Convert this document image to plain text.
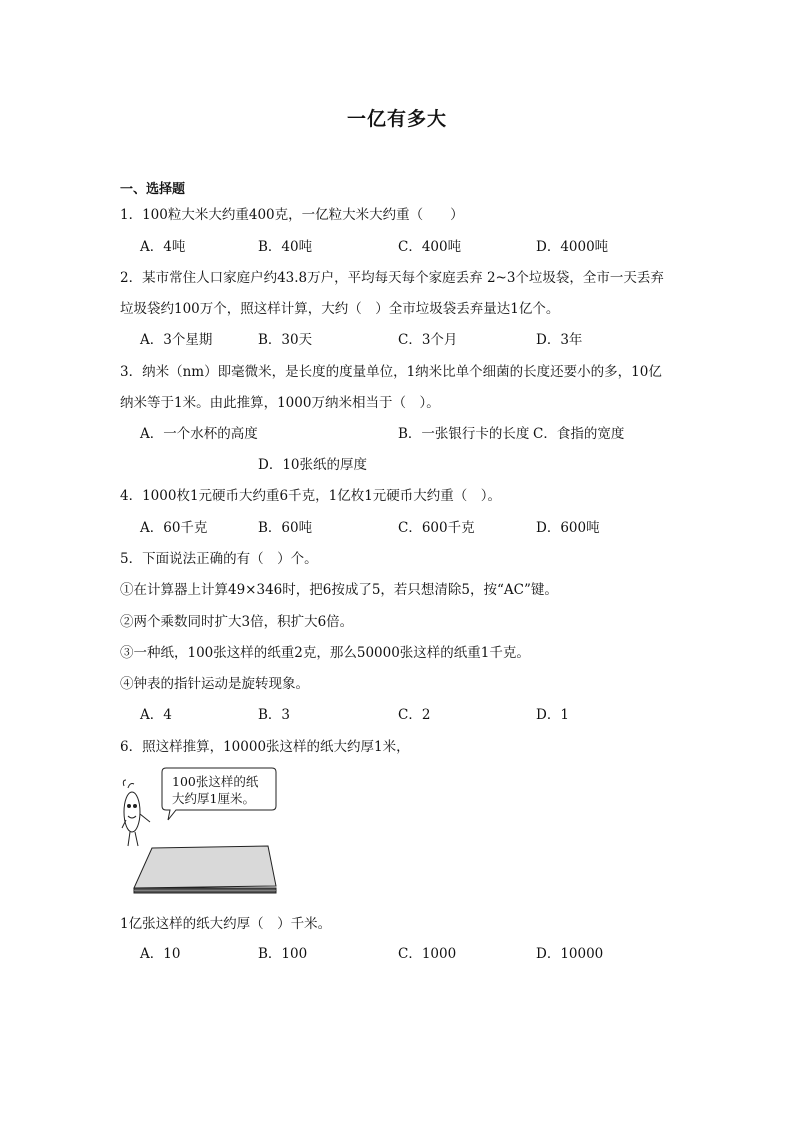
一亿有多大
一、选择题
1．100粒大米大约重400克，一亿粒大米大约重（　　）
A．4吨	B．40吨	C．400吨	D．4000吨
2．某市常住人口家庭户约43.8万户，平均每天每个家庭丢弃 2~3个垃圾袋，全市一天丢弃
垃圾袋约100万个，照这样计算，大约（　）全市垃圾袋丢弃量达1亿个。
A．3个星期	B．30天	C．3个月	D．3年
3．纳米（nm）即毫微米，是长度的度量单位，1纳米比单个细菌的长度还要小的多，10亿
纳米等于1米。由此推算，1000万纳米相当于（　）。
A．一个水杯的高度	B．一张银行卡的长度 C．食指的宽度
D．10张纸的厚度
4．1000枚1元硬币大约重6千克，1亿枚1元硬币大约重（　）。
A．60千克	B．60吨	C．600千克	D．600吨
5．下面说法正确的有（　）个。
①在计算器上计算49×346时，把6按成了5，若只想清除5，按“AC”键。
②两个乘数同时扩大3倍，积扩大6倍。
③一种纸，100张这样的纸重2克，那么50000张这样的纸重1千克。
④钟表的指针运动是旋转现象。
A．4	B．3	C．2	D．1
6．照这样推算，10000张这样的纸大约厚1米，
100张这样的纸
大约厚1厘米。
1亿张这样的纸大约厚（　）千米。
A．10	B．100	C．1000	D．10000
